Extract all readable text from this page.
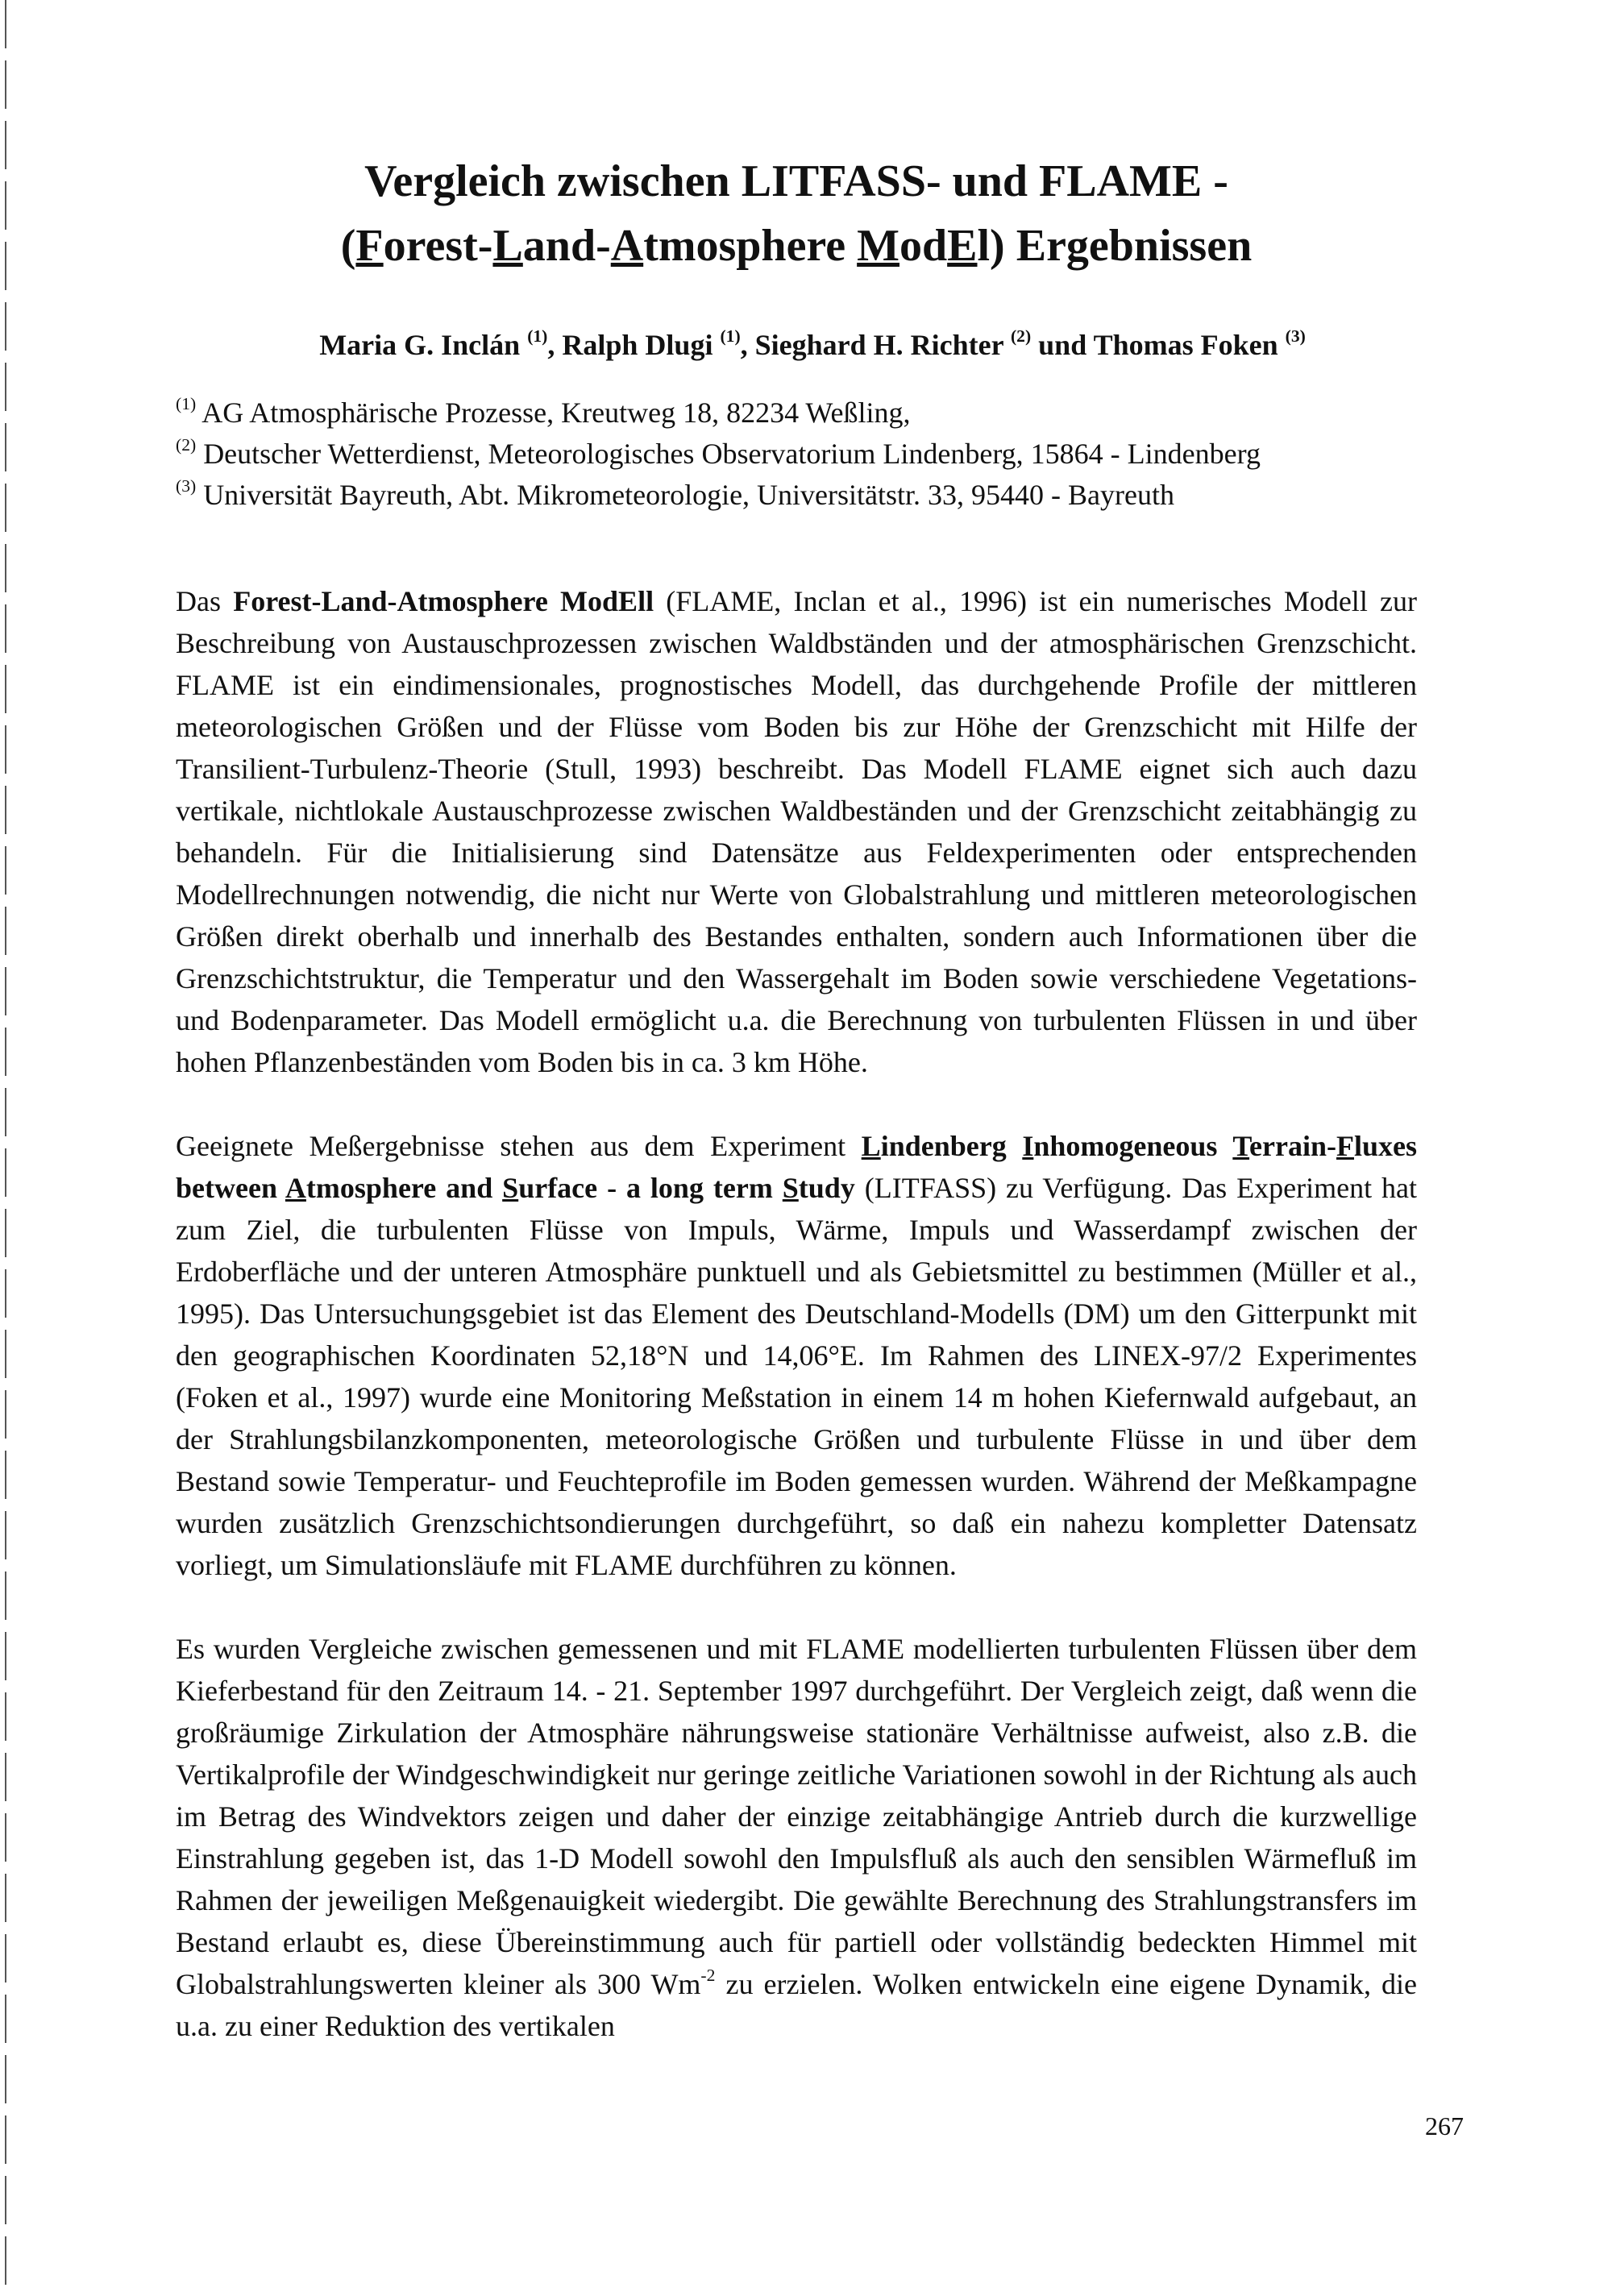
Vergleich zwischen LITFASS- und FLAME -
(Forest-Land-Atmosphere ModEl) Ergebnissen
Maria G. Inclán $^{(1)}$, Ralph Dlugi $^{(1)}$, Sieghard H. Richter $^{(2)}$ und Thomas Foken $^{(3)}$
$^{(1)}$ AG Atmosphärische Prozesse, Kreutweg 18, 82234 Weßling,
$^{(2)}$ Deutscher Wetterdienst, Meteorologisches Observatorium Lindenberg, 15864 - Lindenberg
$^{(3)}$ Universität Bayreuth, Abt. Mikrometeorologie, Universitätstr. 33, 95440 - Bayreuth

Das Forest-Land-Atmosphere ModEll (FLAME, Inclan et al., 1996) ist ein numerisches Modell zur Beschreibung von Austauschprozessen zwischen Waldbständen und der atmosphärischen Grenzschicht. FLAME ist ein eindimensionales, prognostisches Modell, das durchgehende Profile der mittleren meteorologischen Größen und der Flüsse vom Boden bis zur Höhe der Grenzschicht mit Hilfe der Transilient-Turbulenz-Theorie (Stull, 1993) beschreibt. Das Modell FLAME eignet sich auch dazu vertikale, nichtlokale Austauschprozesse zwischen Waldbeständen und der Grenzschicht zeitabhängig zu behandeln. Für die Initialisierung sind Datensätze aus Feldexperimenten oder entsprechenden Modellrechnungen notwendig, die nicht nur Werte von Globalstrahlung und mittleren meteorologischen Größen direkt oberhalb und innerhalb des Bestandes enthalten, sondern auch Informationen über die Grenzschichtstruktur, die Temperatur und den Wassergehalt im Boden sowie verschiedene Vegetations- und Bodenparameter. Das Modell ermöglicht u.a. die Berechnung von turbulenten Flüssen in und über hohen Pflanzenbeständen vom Boden bis in ca. 3 km Höhe.

Geeignete Meßergebnisse stehen aus dem Experiment Lindenberg Inhomogeneous Terrain-Fluxes between Atmosphere and Surface - a long term Study (LITFASS) zu Verfügung. Das Experiment hat zum Ziel, die turbulenten Flüsse von Impuls, Wärme, Impuls und Wasserdampf zwischen der Erdoberfläche und der unteren Atmosphäre punktuell und als Gebietsmittel zu bestimmen (Müller et al., 1995). Das Untersuchungsgebiet ist das Element des Deutschland-Modells (DM) um den Gitterpunkt mit den geographischen Koordinaten 52,18°N und 14,06°E. Im Rahmen des LINEX-97/2 Experimentes (Foken et al., 1997) wurde eine Monitoring Meßstation in einem 14 m hohen Kiefernwald aufgebaut, an der Strahlungsbilanzkomponenten, meteorologische Größen und turbulente Flüsse in und über dem Bestand sowie Temperatur- und Feuchteprofile im Boden gemessen wurden. Während der Meßkampagne wurden zusätzlich Grenzschichtsondierungen durchgeführt, so daß ein nahezu kompletter Datensatz vorliegt, um Simulationsläufe mit FLAME durchführen zu können.

Es wurden Vergleiche zwischen gemessenen und mit FLAME modellierten turbulenten Flüssen über dem Kieferbestand für den Zeitraum 14. - 21. September 1997 durchgeführt. Der Vergleich zeigt, daß wenn die großräumige Zirkulation der Atmosphäre nährungsweise stationäre Verhältnisse aufweist, also z.B. die Vertikalprofile der Windgeschwindigkeit nur geringe zeitliche Variationen sowohl in der Richtung als auch im Betrag des Windvektors zeigen und daher der einzige zeitabhängige Antrieb durch die kurzwellige Einstrahlung gegeben ist, das 1-D Modell sowohl den Impulsfluß als auch den sensiblen Wärmefluß im Rahmen der jeweiligen Meßgenauigkeit wiedergibt. Die gewählte Berechnung des Strahlungstransfers im Bestand erlaubt es, diese Übereinstimmung auch für partiell oder vollständig bedeckten Himmel mit Globalstrahlungswerten kleiner als 300 $Wm^{-2}$ zu erzielen. Wolken entwickeln eine eigene Dynamik, die u.a. zu einer Reduktion des vertikalen

267
